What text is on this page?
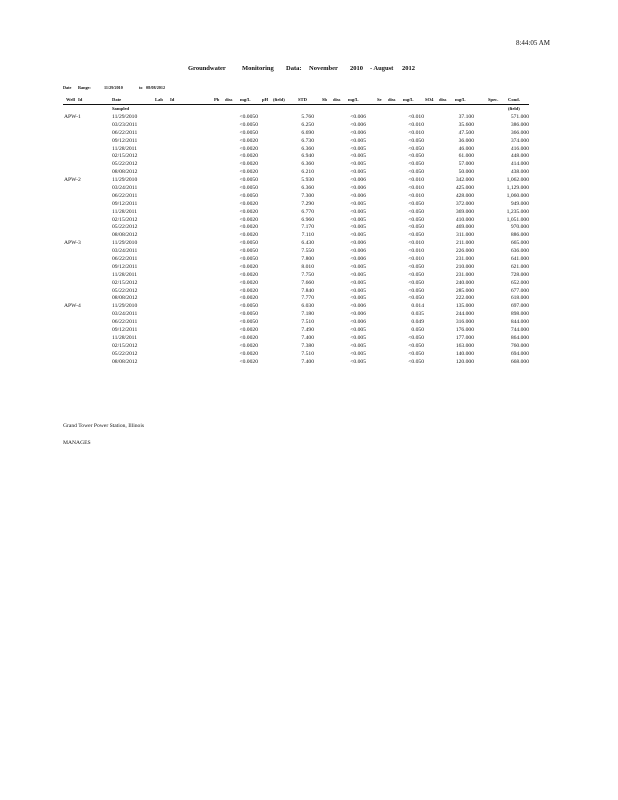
8:44:05 AM
Groundwater Monitoring Data: November 2010 - August 2012
Date Range:	11/29/2010	to 08/08/2012
Well Id	Date	Lab Id	Pb diss mg/L	pH (field)	STD	Sb diss mg/L	Se diss mg/L	SO4 diss mg/L	Spec. Cond.
Sampled	(field)
APW-1	11/29/2010	<0.0050	5.760	<0.006	<0.010	37.100	571.000
03/23/2011	<0.0050	6.250	<0.006	<0.010	35.600	386.000
06/22/2011	<0.0050	6.690	<0.006	<0.010	47.500	366.000
09/12/2011	<0.0020	6.730	<0.005	<0.050	36.000	374.000
11/28/2011	<0.0020	6.360	<0.005	<0.050	46.000	416.000
02/15/2012	<0.0020	6.940	<0.005	<0.050	61.000	448.000
05/22/2012	<0.0020	6.360	<0.005	<0.050	57.000	414.000
08/08/2012	<0.0020	6.210	<0.005	<0.050	50.000	438.000
APW-2	11/29/2010	<0.0050	5.930	<0.006	<0.010	342.000	1,062.000
03/24/2011	<0.0050	6.360	<0.006	<0.010	425.000	1,129.000
06/22/2011	<0.0050	7.300	<0.006	<0.010	428.000	1,060.000
09/12/2011	<0.0020	7.290	<0.005	<0.050	372.000	949.000
11/28/2011	<0.0020	6.770	<0.005	<0.050	369.000	1,235.000
02/15/2012	<0.0020	6.960	<0.005	<0.050	410.000	1,051.000
05/22/2012	<0.0020	7.170	<0.005	<0.050	469.000	970.000
08/08/2012	<0.0020	7.110	<0.005	<0.050	311.000	886.000
APW-3	11/29/2010	<0.0050	6.430	<0.006	<0.010	211.000	665.000
03/24/2011	<0.0050	7.550	<0.006	<0.010	226.000	636.000
06/22/2011	<0.0050	7.800	<0.006	<0.010	231.000	641.000
09/12/2011	<0.0020	8.010	<0.005	<0.050	210.000	621.000
11/28/2011	<0.0020	7.750	<0.005	<0.050	231.000	728.000
02/15/2012	<0.0020	7.660	<0.005	<0.050	240.000	652.000
05/22/2012	<0.0020	7.840	<0.005	<0.050	285.000	677.000
08/08/2012	<0.0020	7.770	<0.005	<0.050	222.000	618.000
APW-4	11/29/2010	<0.0050	6.030	<0.006	0.014	135.000	697.000
03/24/2011	<0.0050	7.180	<0.006	0.035	244.000	898.000
06/22/2011	<0.0050	7.510	<0.006	0.049	316.000	844.000
09/12/2011	<0.0020	7.490	<0.005	0.050	176.000	744.000
11/28/2011	<0.0020	7.400	<0.005	<0.050	177.000	864.000
02/15/2012	<0.0020	7.380	<0.005	<0.050	163.000	760.000
05/22/2012	<0.0020	7.510	<0.005	<0.050	140.000	694.000
08/08/2012	<0.0020	7.400	<0.005	<0.050	120.000	668.000
Grand Tower Power Station, Illinois
MANAGES
